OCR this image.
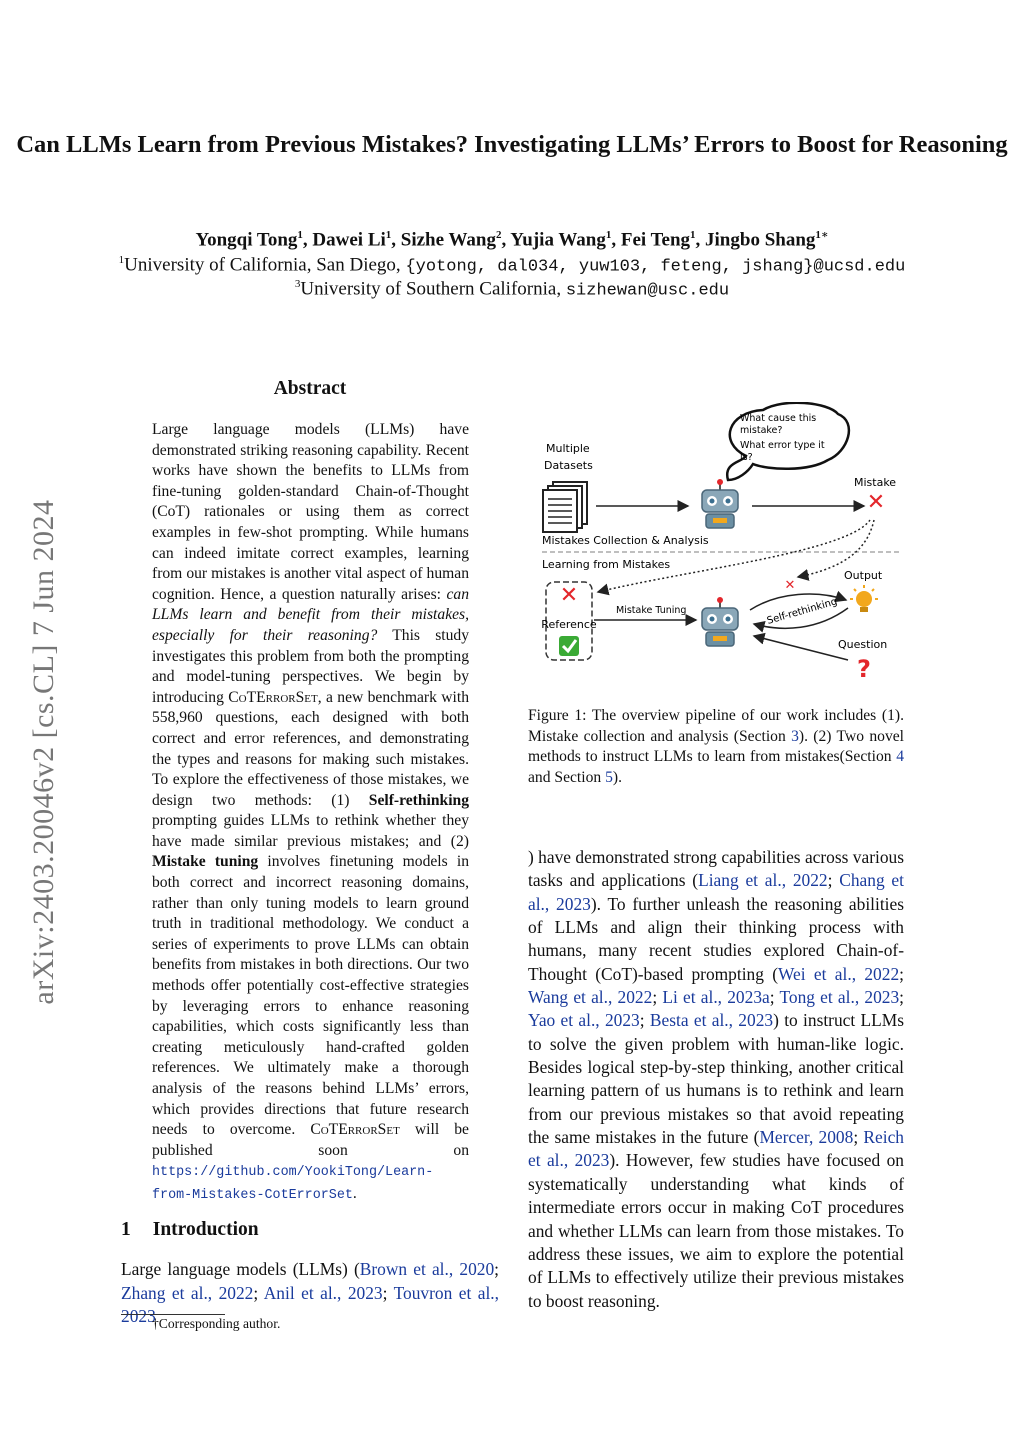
arXiv:2403.20046v2 [cs.CL] 7 Jun 2024
Can LLMs Learn from Previous Mistakes? Investigating LLMs’ Errors to Boost for Reasoning
Yongqi Tong$^1$, Dawei Li$^1$, Sizhe Wang$^2$, Yujia Wang$^1$, Fei Teng$^1$, Jingbo Shang$^{1∗}$
$^1$University of California, San Diego, {yotong, dal034, yuw103, feteng, jshang}@ucsd.edu
$^3$University of Southern California, sizhewan@usc.edu
Abstract
Large language models (LLMs) have demonstrated striking reasoning capability. Recent works have shown the benefits to LLMs from fine-tuning golden-standard Chain-of-Thought (CoT) rationales or using them as correct examples in few-shot prompting. While humans can indeed imitate correct examples, learning from our mistakes is another vital aspect of human cognition. Hence, a question naturally arises: can LLMs learn and benefit from their mistakes, especially for their reasoning? This study investigates this problem from both the prompting and model-tuning perspectives. We begin by introducing CoTErrorSet, a new benchmark with 558,960 questions, each designed with both correct and error references, and demonstrating the types and reasons for making such mistakes. To explore the effectiveness of those mistakes, we design two methods: (1) Self-rethinking prompting guides LLMs to rethink whether they have made similar previous mistakes; and (2) Mistake tuning involves finetuning models in both correct and incorrect reasoning domains, rather than only tuning models to learn ground truth in traditional methodology. We conduct a series of experiments to prove LLMs can obtain benefits from mistakes in both directions. Our two methods offer potentially cost-effective strategies by leveraging errors to enhance reasoning capabilities, which costs significantly less than creating meticulously hand-crafted golden references. We ultimately make a thorough analysis of the reasons behind LLMs’ errors, which provides directions that future research needs to overcome. CoTErrorSet will be published soon on https://github.com/YookiTong/Learn-from-Mistakes-CotErrorSet.
1 Introduction
Large language models (LLMs) (Brown et al., 2020; Zhang et al., 2022; Anil et al., 2023; Touvron et al., 2023
†Corresponding author.
Multiple
Datasets
What cause this
mistake?
What error type it
is?
Mistake
✕
Mistakes Collection & Analysis
Learning from Mistakes
✕
Reference
Mistake Tuning	Self-rethinking
✕
Output
Question
?
Figure 1: The overview pipeline of our work includes (1). Mistake collection and analysis (Section 3). (2) Two novel methods to instruct LLMs to learn from mistakes(Section 4 and Section 5).
) have demonstrated strong capabilities across various tasks and applications (Liang et al., 2022; Chang et al., 2023). To further unleash the reasoning abilities of LLMs and align their thinking process with humans, many recent studies explored Chain-of-Thought (CoT)-based prompting (Wei et al., 2022; Wang et al., 2022; Li et al., 2023a; Tong et al., 2023; Yao et al., 2023; Besta et al., 2023) to instruct LLMs to solve the given problem with human-like logic. Besides logical step-by-step thinking, another critical learning pattern of us humans is to rethink and learn from our previous mistakes so that avoid repeating the same mistakes in the future (Mercer, 2008; Reich et al., 2023). However, few studies have focused on systematically understanding what kinds of intermediate errors occur in making CoT procedures and whether LLMs can learn from those mistakes. To address these issues, we aim to explore the potential of LLMs to effectively utilize their previous mistakes to boost reasoning.
